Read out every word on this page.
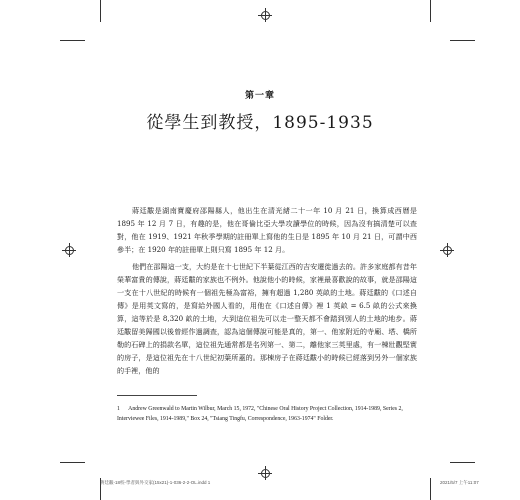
第一章
從學生到教授，1895-1935

蔣廷黻是湖南寶慶府邵陽縣人，他出生在清光緒二十一年 10 月 21 日，換算成西曆是 1895 年 12 月 7 日，有趣的是，他在哥倫比亞大學攻讀學位的時候，因為沒有搞清楚可以查對，他在 1919、1921 年秋季學期的註冊單上寫他的生日是 1895 年 10 月 21 日，可謂中西參半；在 1920 年的註冊單上則只寫 1895 年 12 月。

他們在邵陽這一支，大約是在十七世紀下半葉從江西的吉安遷徙過去的。許多家庭都有昔年榮華富貴的傳說，蔣廷黻的家族也不例外。他說他小的時候，家裡最喜歡說的故事，就是邵陽這一支在十八世紀的時候有一個祖先極為富裕，擁有超過 1,280 英畝的土地。蔣廷黻的《口述自傳》是用英文寫的，是寫給外國人看的，用他在《口述自傳》裡 1 英畝 = 6.5 畝的公式來換算，這等於是 8,320 畝的土地，大到這位祖先可以走一整天都不會踏到別人的土地的地步。蔣廷黻留美歸國以後曾經作過調查，認為這個傳說可能是真的，第一、他家附近的寺廟、塔、橋所勒的石碑上的捐款名單，這位祖先通常都是名列第一、第二，離他家三英里處，有一棟壯觀堅實的房子，是這位祖先在十八世紀初葉所蓋的。那棟房子在蔣廷黻小的時候已經落到另外一個家族的手裡，他的

1 Andrew Greenwald to Martin Wilbur, March 15, 1972, "Chinese Oral History Project Collection, 1914-1989, Series 2, Interviewee Files, 1914-1989," Box 24, "Tsiang Tingfu, Correspondence, 1963-1974" Folder.
蔣廷黻-18校-學者與外交家(15x21)-1-036-2-2-OL.indd 1	2021/5/7 上午11:07
